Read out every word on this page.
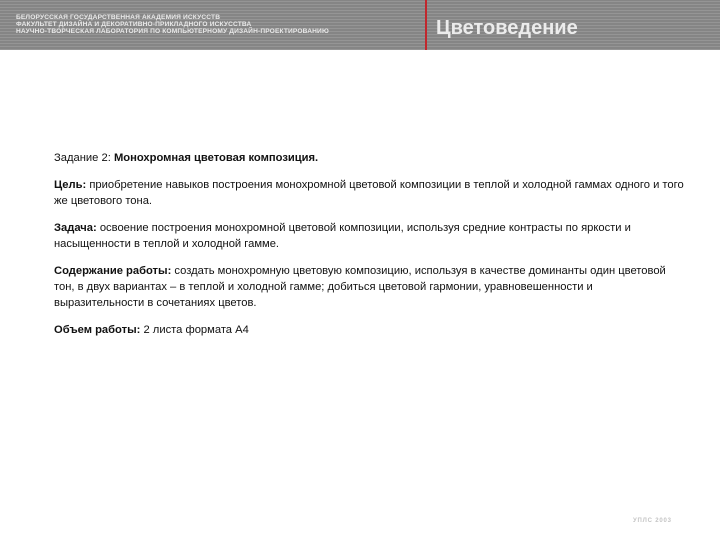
БЕЛОРУССКАЯ ГОСУДАРСТВЕННАЯ АКАДЕМИЯ ИСКУССТВ
ФАКУЛЬТЕТ ДИЗАЙНА И ДЕКОРАТИВНО-ПРИКЛАДНОГО ИСКУССТВА
НАУЧНО-ТВОРЧЕСКАЯ ЛАБОРАТОРИЯ ПО КОМПЬЮТЕРНОМУ ДИЗАЙН-ПРОЕКТИРОВАНИЮ	Цветоведение

Задание 2: Монохромная цветовая композиция.

Цель: приобретение навыков построения монохромной цветовой композиции в теплой и холодной гаммах одного и того же цветового тона.

Задача: освоение построения монохромной цветовой композиции, используя средние контрасты по яркости и насыщенности в теплой и холодной гамме.

Содержание работы: создать монохромную цветовую композицию, используя в качестве доминанты один цветовой тон, в двух вариантах – в теплой и холодной гамме; добиться цветовой гармонии, уравновешенности и выразительности в сочетаниях цветов.

Объем работы: 2 листа формата А4

УПЛС 2003
